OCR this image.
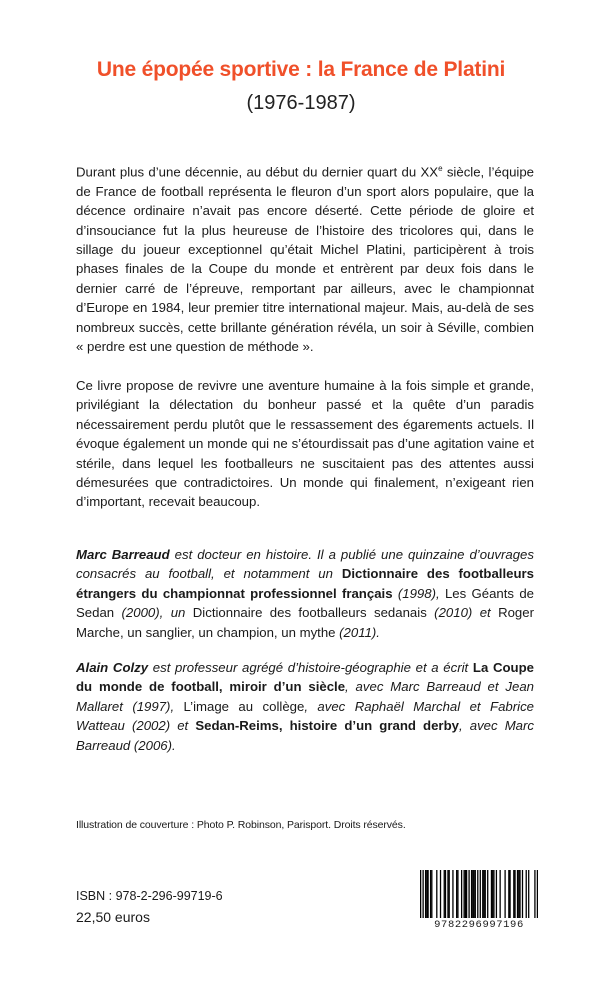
Une épopée sportive : la France de Platini
(1976-1987)

Durant plus d’une décennie, au début du dernier quart du XXe siècle, l’équipe de France de football représenta le fleuron d’un sport alors populaire, que la décence ordinaire n’avait pas encore déserté. Cette période de gloire et d’insouciance fut la plus heureuse de l’histoire des tricolores qui, dans le sillage du joueur exceptionnel qu’était Michel Platini, participèrent à trois phases finales de la Coupe du monde et entrèrent par deux fois dans le dernier carré de l’épreuve, remportant par ailleurs, avec le championnat d’Europe en 1984, leur premier titre international majeur. Mais, au-delà de ses nombreux succès, cette brillante génération révéla, un soir à Séville, combien « perdre est une question de méthode ».

Ce livre propose de revivre une aventure humaine à la fois simple et grande, privilégiant la délectation du bonheur passé et la quête d’un paradis nécessairement perdu plutôt que le ressassement des égarements actuels. Il évoque également un monde qui ne s’étourdissait pas d’une agitation vaine et stérile, dans lequel les footballeurs ne suscitaient pas des attentes aussi démesurées que contradictoires. Un monde qui finalement, n’exigeant rien d’important, recevait beaucoup.

Marc Barreaud est docteur en histoire. Il a publié une quinzaine d’ouvrages consacrés au football, et notamment un Dictionnaire des footballeurs étrangers du championnat professionnel français (1998), Les Géants de Sedan (2000), un Dictionnaire des footballeurs sedanais (2010) et Roger Marche, un sanglier, un champion, un mythe (2011).

Alain Colzy est professeur agrégé d’histoire-géographie et a écrit La Coupe du monde de football, miroir d’un siècle, avec Marc Barreaud et Jean Mallaret (1997), L’image au collège, avec Raphaël Marchal et Fabrice Watteau (2002) et Sedan-Reims, histoire d’un grand derby, avec Marc Barreaud (2006).

Illustration de couverture : Photo P. Robinson, Parisport. Droits réservés.
ISBN : 978-2-296-99719-6
22,50 euros	9782296997196
